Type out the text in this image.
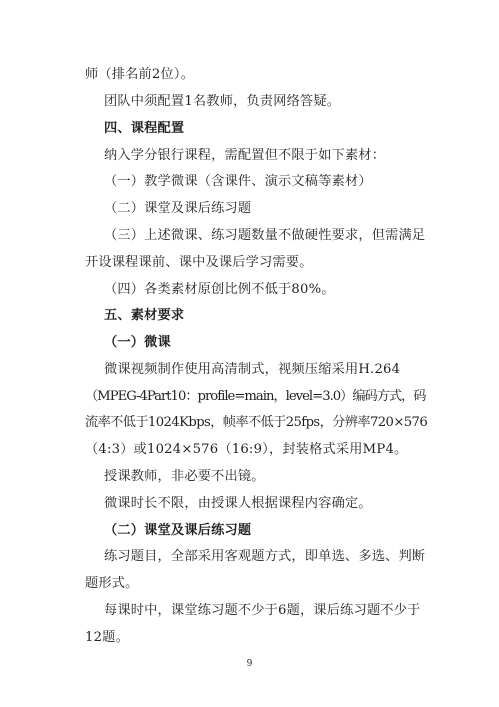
师（排名前2位）。
团队中须配置1名教师，负责网络答疑。
四、课程配置
纳入学分银行课程，需配置但不限于如下素材：
（一）教学微课（含课件、演示文稿等素材）
（二）课堂及课后练习题
（三）上述微课、练习题数量不做硬性要求，但需满足
开设课程课前、课中及课后学习需要。
（四）各类素材原创比例不低于80%。
五、素材要求
（一）微课
微课视频制作使用高清制式，视频压缩采用H.264
（MPEG-4Part10：profile=main，level=3.0）编码方式，码
流率不低于1024Kbps，帧率不低于25fps，分辨率720×576
（4:3）或1024×576（16:9），封装格式采用MP4。
授课教师，非必要不出镜。
微课时长不限，由授课人根据课程内容确定。
（二）课堂及课后练习题
练习题目，全部采用客观题方式，即单选、多选、判断
题形式。
每课时中，课堂练习题不少于6题，课后练习题不少于
12题。
9
